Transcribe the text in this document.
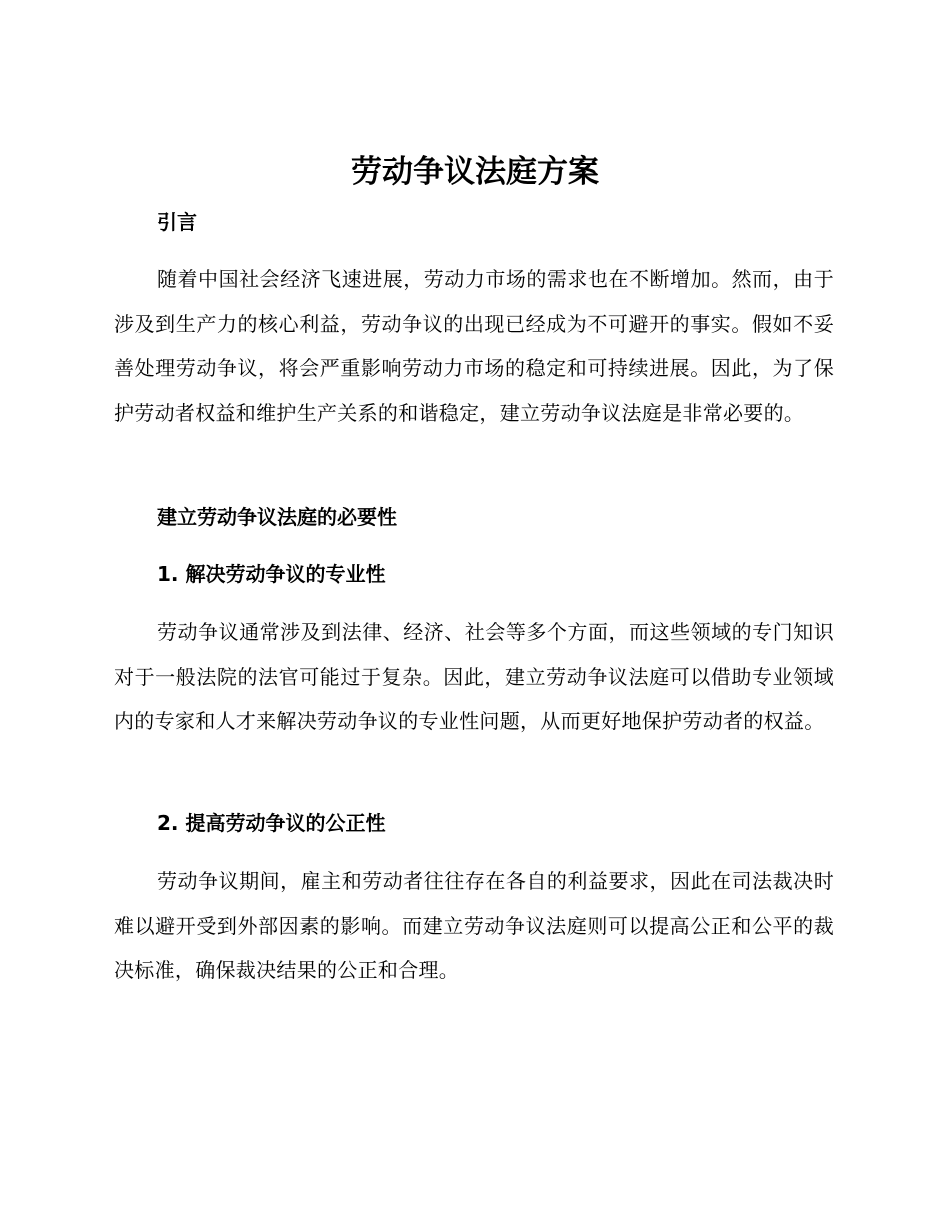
劳动争议法庭方案
引言

随着中国社会经济飞速进展，劳动力市场的需求也在不断增加。然而，由于涉及到生产力的核心利益，劳动争议的出现已经成为不可避开的事实。假如不妥善处理劳动争议，将会严重影响劳动力市场的稳定和可持续进展。因此，为了保护劳动者权益和维护生产关系的和谐稳定，建立劳动争议法庭是非常必要的。

建立劳动争议法庭的必要性
1. 解决劳动争议的专业性

劳动争议通常涉及到法律、经济、社会等多个方面，而这些领域的专门知识对于一般法院的法官可能过于复杂。因此，建立劳动争议法庭可以借助专业领域内的专家和人才来解决劳动争议的专业性问题，从而更好地保护劳动者的权益。

2. 提高劳动争议的公正性

劳动争议期间，雇主和劳动者往往存在各自的利益要求，因此在司法裁决时难以避开受到外部因素的影响。而建立劳动争议法庭则可以提高公正和公平的裁决标准，确保裁决结果的公正和合理。
